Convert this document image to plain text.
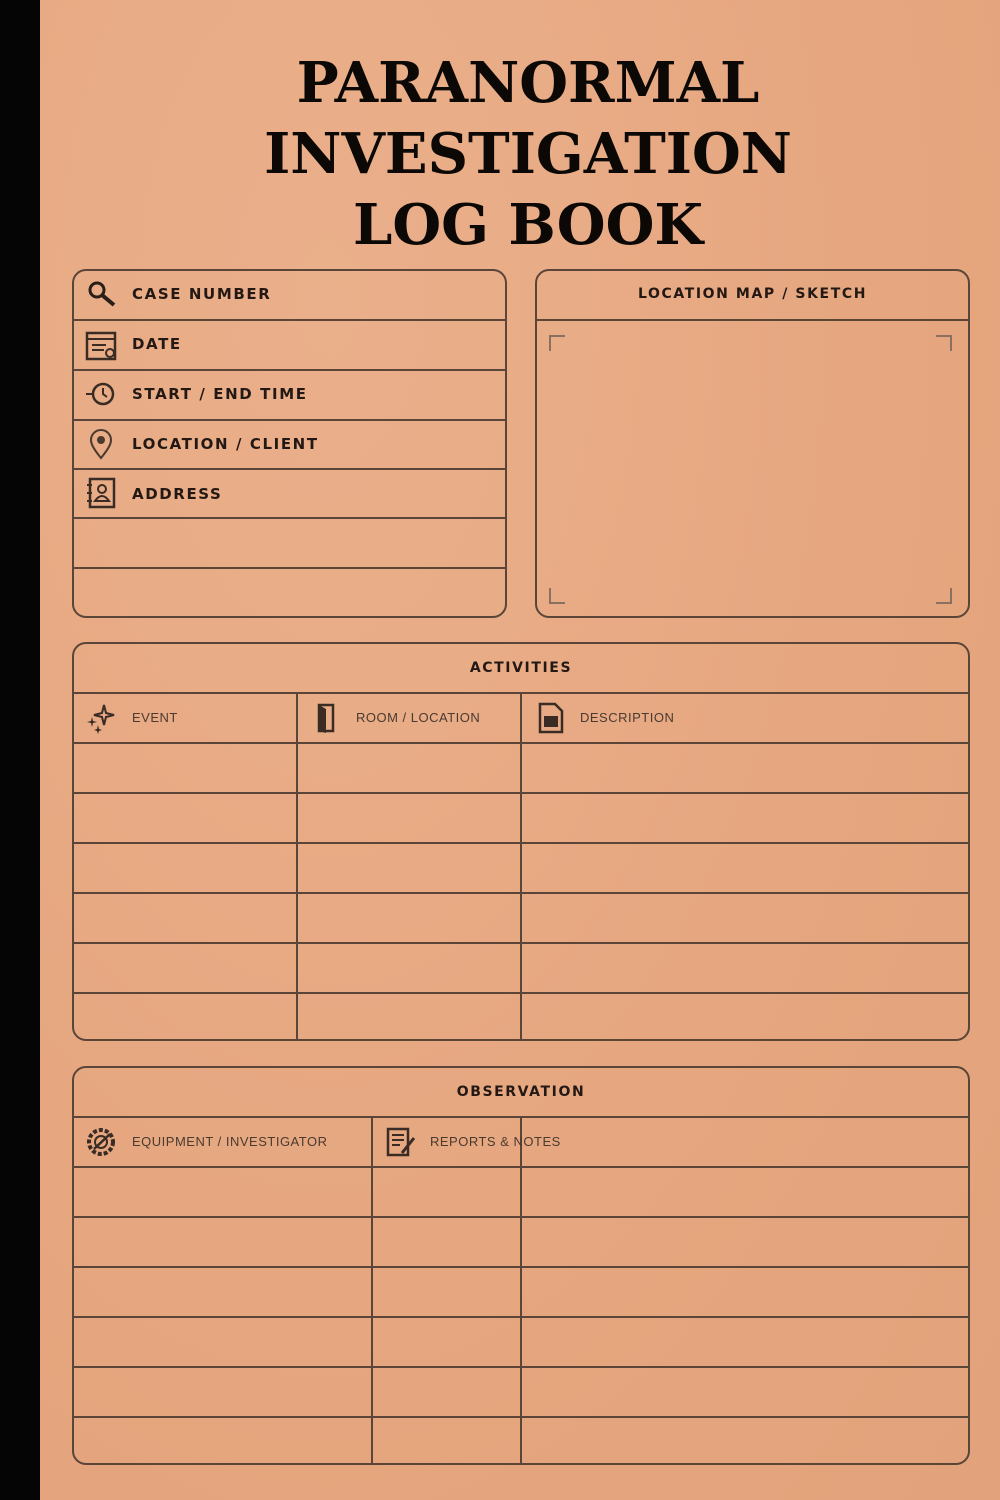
PARANORMAL
INVESTIGATION
LOG BOOK
CASE NUMBER
DATE
START / END TIME
LOCATION / CLIENT
ADDRESS
LOCATION MAP / SKETCH
ACTIVITIES
EVENT	ROOM / LOCATION	DESCRIPTION
OBSERVATION
EQUIPMENT / INVESTIGATOR	REPORTS & NOTES
